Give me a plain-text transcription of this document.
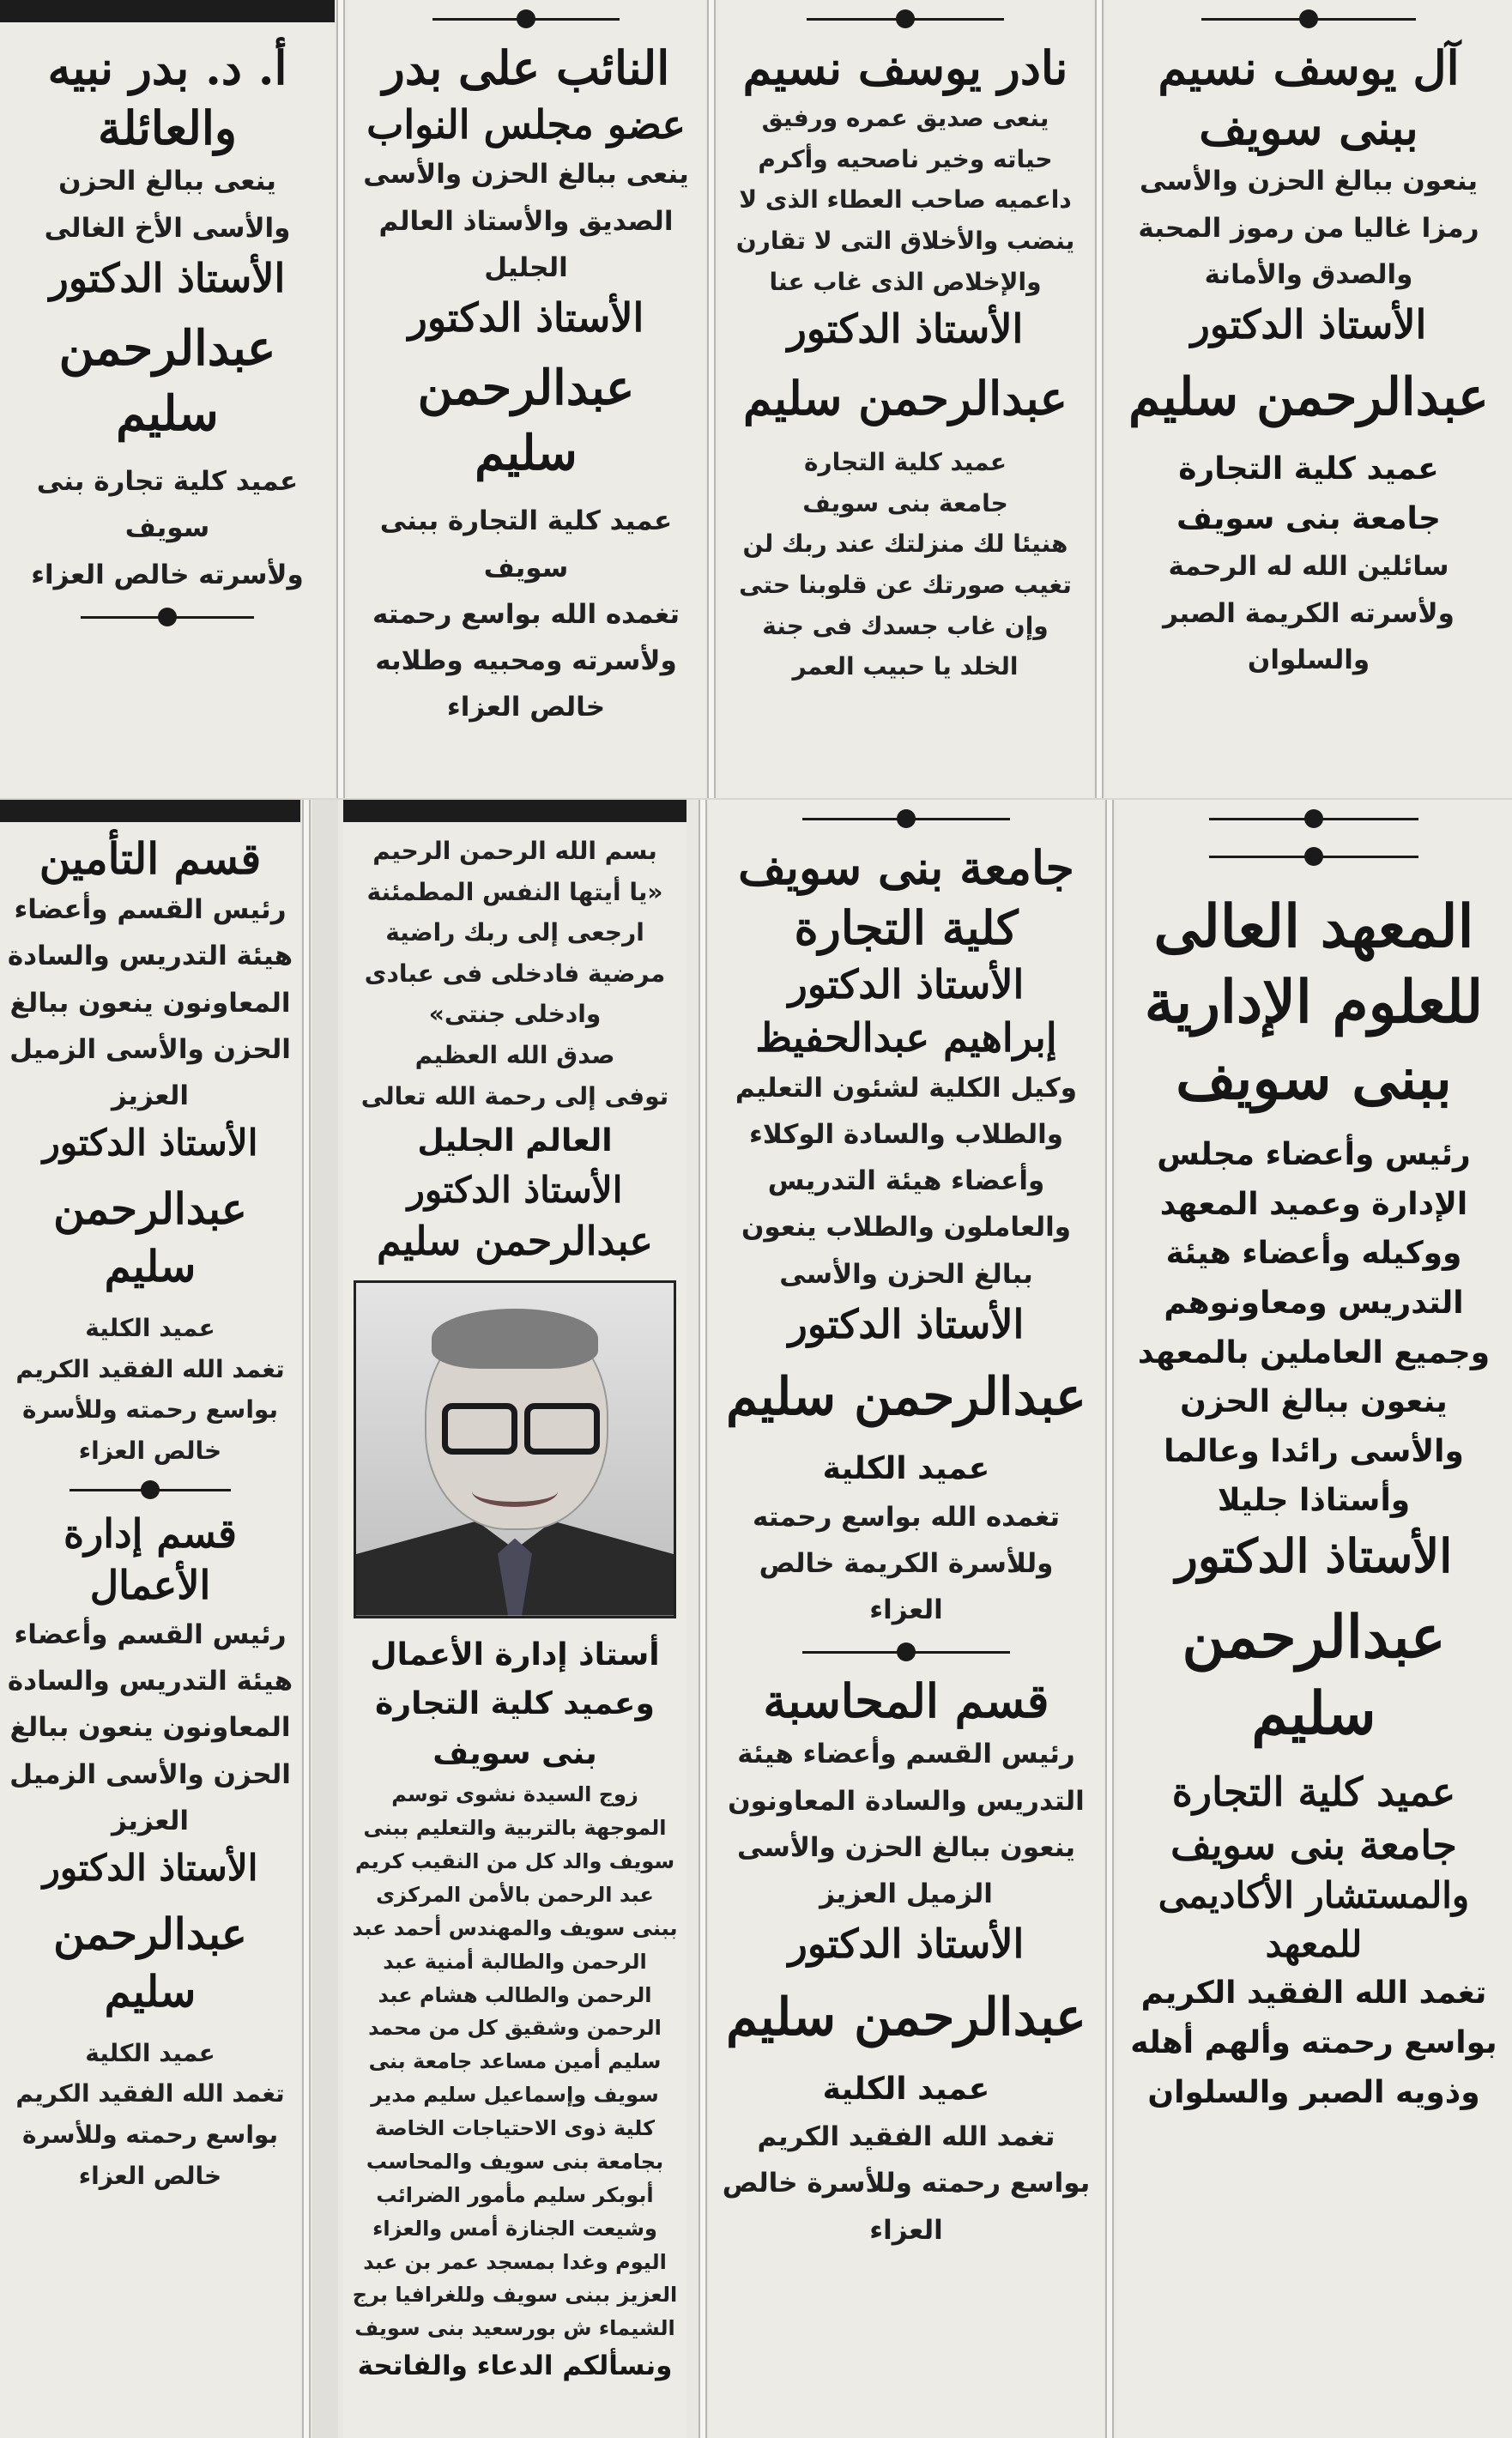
آل يوسف نسيم
ببنى سويف
ينعون ببالغ الحزن والأسى رمزا غاليا من رموز المحبة والصدق والأمانة
الأستاذ الدكتور
عبدالرحمن سليم
عميد كلية التجارة
جامعة بنى سويف
سائلين الله له الرحمة ولأسرته الكريمة الصبر والسلوان
نادر يوسف نسيم
ينعى صديق عمره ورفيق حياته وخير ناصحيه وأكرم داعميه صاحب العطاء الذى لا ينضب والأخلاق التى لا تقارن والإخلاص الذى غاب عنا
الأستاذ الدكتور
عبدالرحمن سليم
عميد كلية التجارة
جامعة بنى سويف
هنيئا لك منزلتك عند ربك لن تغيب صورتك عن قلوبنا حتى وإن غاب جسدك فى جنة الخلد يا حبيب العمر
النائب على بدر
عضو مجلس النواب
ينعى ببالغ الحزن والأسى الصديق والأستاذ العالم الجليل
الأستاذ الدكتور
عبدالرحمن سليم
عميد كلية التجارة ببنى سويف
تغمده الله بواسع رحمته ولأسرته ومحبيه وطلابه خالص العزاء
أ. د. بدر نبيه
والعائلة
ينعى ببالغ الحزن والأسى الأخ الغالى
الأستاذ الدكتور
عبدالرحمن سليم
عميد كلية تجارة بنى سويف
ولأسرته خالص العزاء
المعهد العالى للعلوم الإدارية ببنى سويف
رئيس وأعضاء مجلس الإدارة وعميد المعهد ووكيله وأعضاء هيئة التدريس ومعاونوهم وجميع العاملين بالمعهد ينعون ببالغ الحزن والأسى رائدا وعالما وأستاذا جليلا
الأستاذ الدكتور
عبدالرحمن سليم
عميد كلية التجارة
جامعة بنى سويف
والمستشار الأكاديمى للمعهد
تغمد الله الفقيد الكريم بواسع رحمته وألهم أهله وذويه الصبر والسلوان
جامعة بنى سويف
كلية التجارة
الأستاذ الدكتور
إبراهيم عبدالحفيظ
وكيل الكلية لشئون التعليم والطلاب والسادة الوكلاء وأعضاء هيئة التدريس والعاملون والطلاب ينعون ببالغ الحزن والأسى
الأستاذ الدكتور
عبدالرحمن سليم
عميد الكلية
تغمده الله بواسع رحمته وللأسرة الكريمة خالص العزاء
قسم المحاسبة
رئيس القسم وأعضاء هيئة التدريس والسادة المعاونون ينعون ببالغ الحزن والأسى الزميل العزيز
الأستاذ الدكتور
عبدالرحمن سليم
عميد الكلية
تغمد الله الفقيد الكريم بواسع رحمته وللأسرة خالص العزاء
بسم الله الرحمن الرحيم
«يا أيتها النفس المطمئنة ارجعى إلى ربك راضية مرضية فادخلى فى عبادى وادخلى جنتى»
صدق الله العظيم
توفى إلى رحمة الله تعالى
العالم الجليل
الأستاذ الدكتور
عبدالرحمن سليم
أستاذ إدارة الأعمال
وعميد كلية التجارة
بنى سويف
زوج السيدة نشوى توسم الموجهة بالتربية والتعليم ببنى سويف والد كل من النقيب كريم عبد الرحمن بالأمن المركزى ببنى سويف والمهندس أحمد عبد الرحمن والطالبة أمنية عبد الرحمن والطالب هشام عبد الرحمن وشقيق كل من محمد سليم أمين مساعد جامعة بنى سويف وإسماعيل سليم مدير كلية ذوى الاحتياجات الخاصة بجامعة بنى سويف والمحاسب أبوبكر سليم مأمور الضرائب وشيعت الجنازة أمس والعزاء اليوم وغدا بمسجد عمر بن عبد العزيز ببنى سويف وللغرافيا برج الشيماء ش بورسعيد بنى سويف
ونسألكم الدعاء والفاتحة
قسم التأمين
رئيس القسم وأعضاء هيئة التدريس والسادة المعاونون ينعون ببالغ الحزن والأسى الزميل العزيز
الأستاذ الدكتور
عبدالرحمن سليم
عميد الكلية
تغمد الله الفقيد الكريم بواسع رحمته وللأسرة خالص العزاء
قسم إدارة الأعمال
رئيس القسم وأعضاء هيئة التدريس والسادة المعاونون ينعون ببالغ الحزن والأسى الزميل العزيز
الأستاذ الدكتور
عبدالرحمن سليم
عميد الكلية
تغمد الله الفقيد الكريم بواسع رحمته وللأسرة خالص العزاء
